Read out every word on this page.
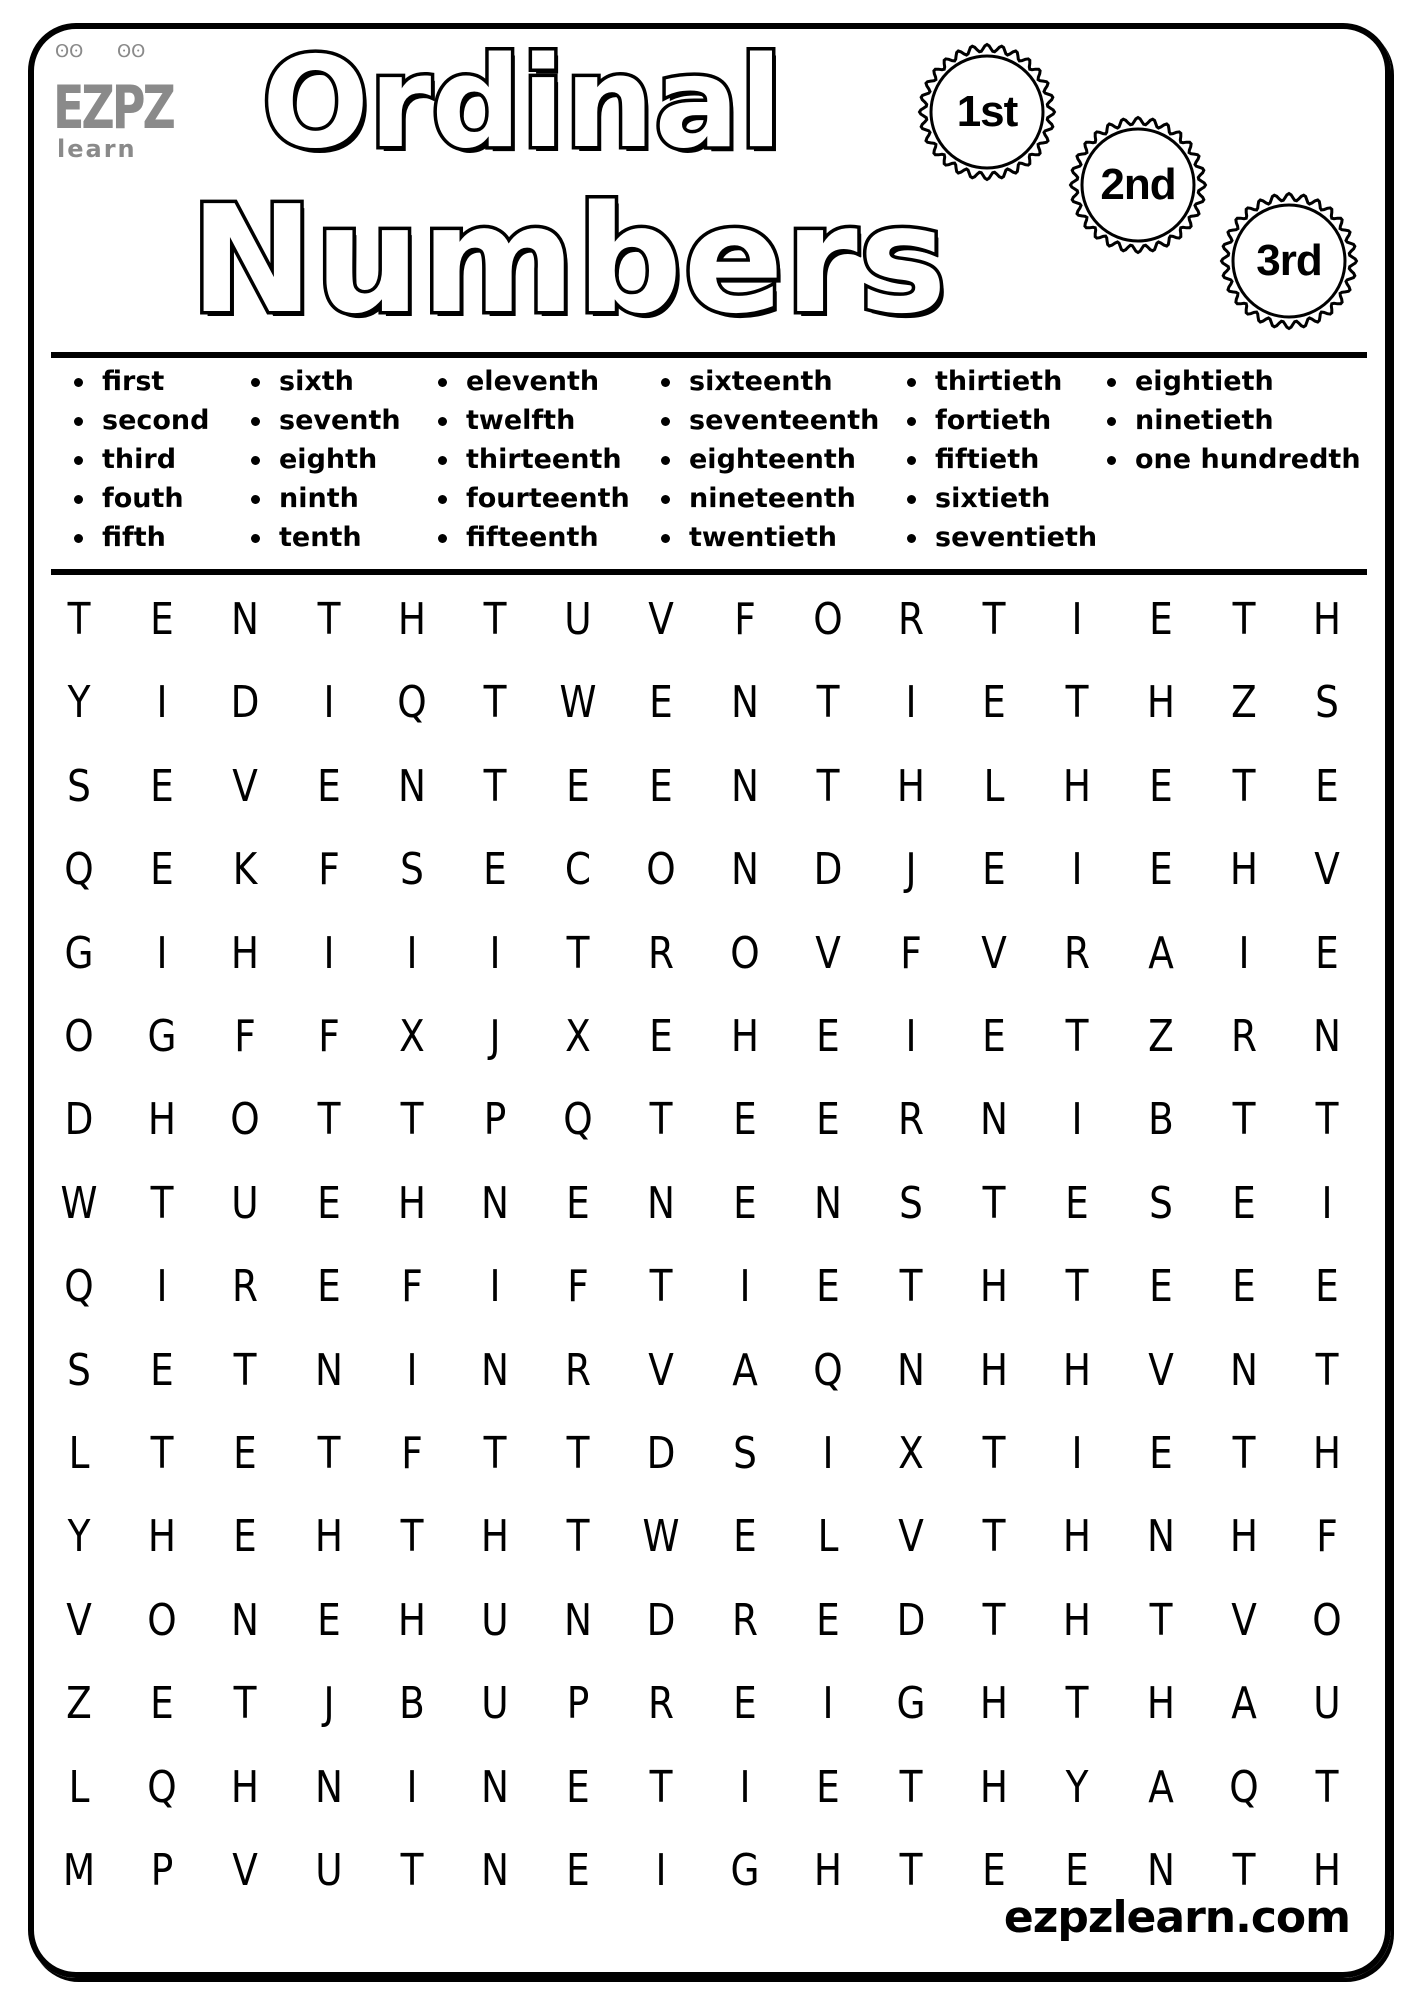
ʘʘ ʘʘ
EZPZ
learn Ordinal
Numbers
1st
2nd
3rd
first
second
third
fouth
fifth
sixth
seventh
eighth
ninth
tenth
eleventh
twelfth
thirteenth
fourteenth
fifteenth
sixteenth
seventeenth
eighteenth
nineteenth
twentieth
thirtieth
fortieth
fiftieth
sixtieth
seventieth
eightieth
ninetieth
one hundredth
T	E	N	T	H	T	U	V	F	O	R	T	I	E	T	H
Y	I	D	I	Q	T	W	E	N	T	I	E	T	H	Z	S
S	E	V	E	N	T	E	E	N	T	H	L	H	E	T	E
Q	E	K	F	S	E	C	O	N	D	J	E	I	E	H	V
G	I	H	I	I	I	T	R	O	V	F	V	R	A	I	E
O	G	F	F	X	J	X	E	H	E	I	E	T	Z	R	N
D	H	O	T	T	P	Q	T	E	E	R	N	I	B	T	T
W	T	U	E	H	N	E	N	E	N	S	T	E	S	E	I
Q	I	R	E	F	I	F	T	I	E	T	H	T	E	E	E
S	E	T	N	I	N	R	V	A	Q	N	H	H	V	N	T
L	T	E	T	F	T	T	D	S	I	X	T	I	E	T	H
Y	H	E	H	T	H	T	W	E	L	V	T	H	N	H	F
V	O	N	E	H	U	N	D	R	E	D	T	H	T	V	O
Z	E	T	J	B	U	P	R	E	I	G	H	T	H	A	U
L	Q	H	N	I	N	E	T	I	E	T	H	Y	A	Q	T
M	P	V	U	T	N	E	I	G	H	T	E	E	N	T	H
ezpzlearn.com
